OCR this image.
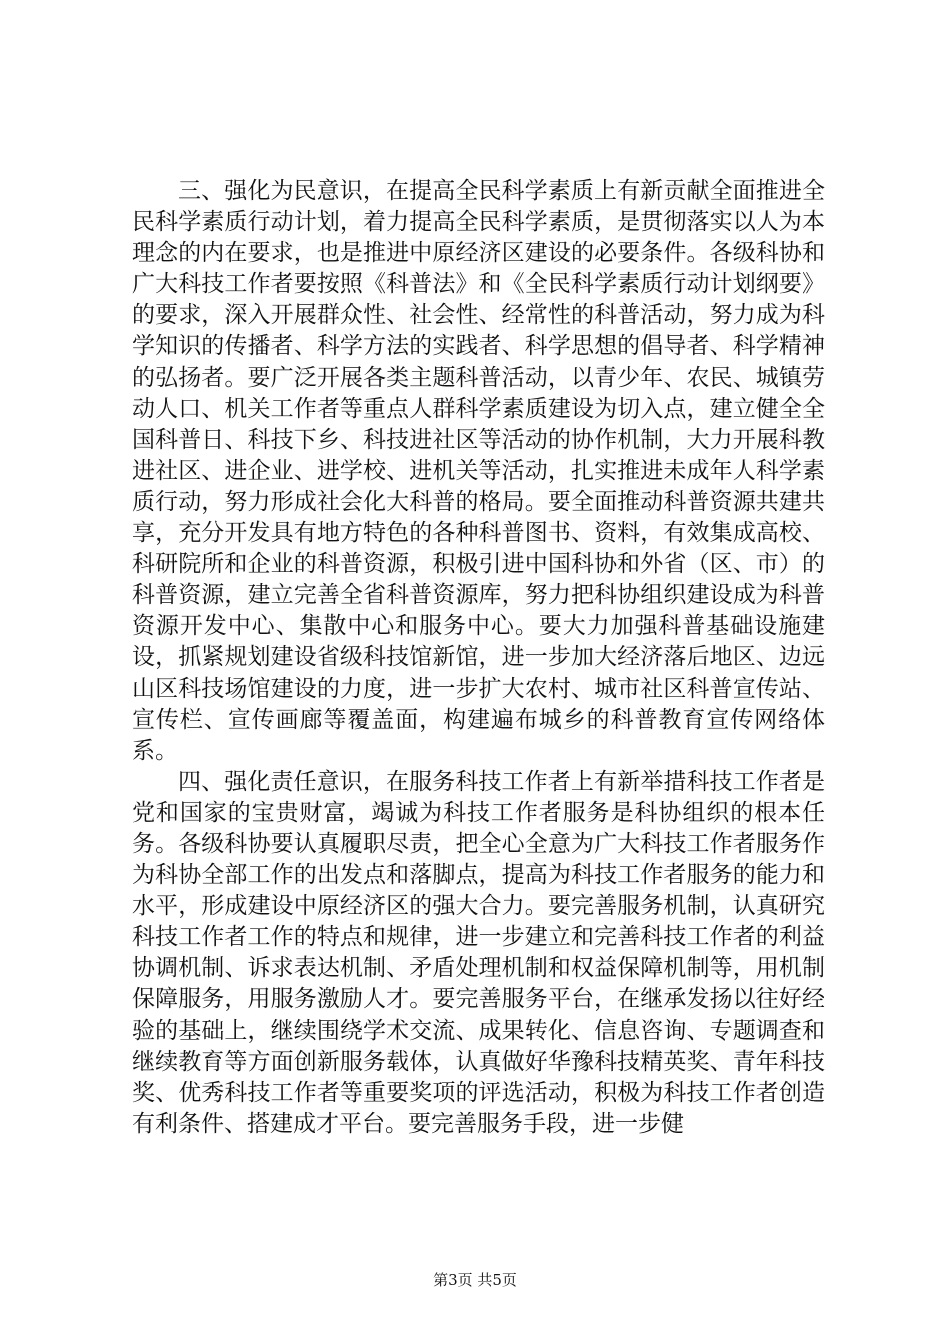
三、强化为民意识，在提高全民科学素质上有新贡献全面推进全民科学素质行动计划，着力提高全民科学素质，是贯彻落实以人为本理念的内在要求，也是推进中原经济区建设的必要条件。各级科协和广大科技工作者要按照《科普法》和《全民科学素质行动计划纲要》的要求，深入开展群众性、社会性、经常性的科普活动，努力成为科学知识的传播者、科学方法的实践者、科学思想的倡导者、科学精神的弘扬者。要广泛开展各类主题科普活动，以青少年、农民、城镇劳动人口、机关工作者等重点人群科学素质建设为切入点，建立健全全国科普日、科技下乡、科技进社区等活动的协作机制，大力开展科教进社区、进企业、进学校、进机关等活动，扎实推进未成年人科学素质行动，努力形成社会化大科普的格局。要全面推动科普资源共建共享，充分开发具有地方特色的各种科普图书、资料，有效集成高校、科研院所和企业的科普资源，积极引进中国科协和外省（区、市）的科普资源，建立完善全省科普资源库，努力把科协组织建设成为科普资源开发中心、集散中心和服务中心。要大力加强科普基础设施建设，抓紧规划建设省级科技馆新馆，进一步加大经济落后地区、边远山区科技场馆建设的力度，进一步扩大农村、城市社区科普宣传站、宣传栏、宣传画廊等覆盖面，构建遍布城乡的科普教育宣传网络体系。

四、强化责任意识，在服务科技工作者上有新举措科技工作者是党和国家的宝贵财富，竭诚为科技工作者服务是科协组织的根本任务。各级科协要认真履职尽责，把全心全意为广大科技工作者服务作为科协全部工作的出发点和落脚点，提高为科技工作者服务的能力和水平，形成建设中原经济区的强大合力。要完善服务机制，认真研究科技工作者工作的特点和规律，进一步建立和完善科技工作者的利益协调机制、诉求表达机制、矛盾处理机制和权益保障机制等，用机制保障服务，用服务激励人才。要完善服务平台，在继承发扬以往好经验的基础上，继续围绕学术交流、成果转化、信息咨询、专题调查和继续教育等方面创新服务载体，认真做好华豫科技精英奖、青年科技奖、优秀科技工作者等重要奖项的评选活动，积极为科技工作者创造有利条件、搭建成才平台。要完善服务手段，进一步健

第3页 共5页
